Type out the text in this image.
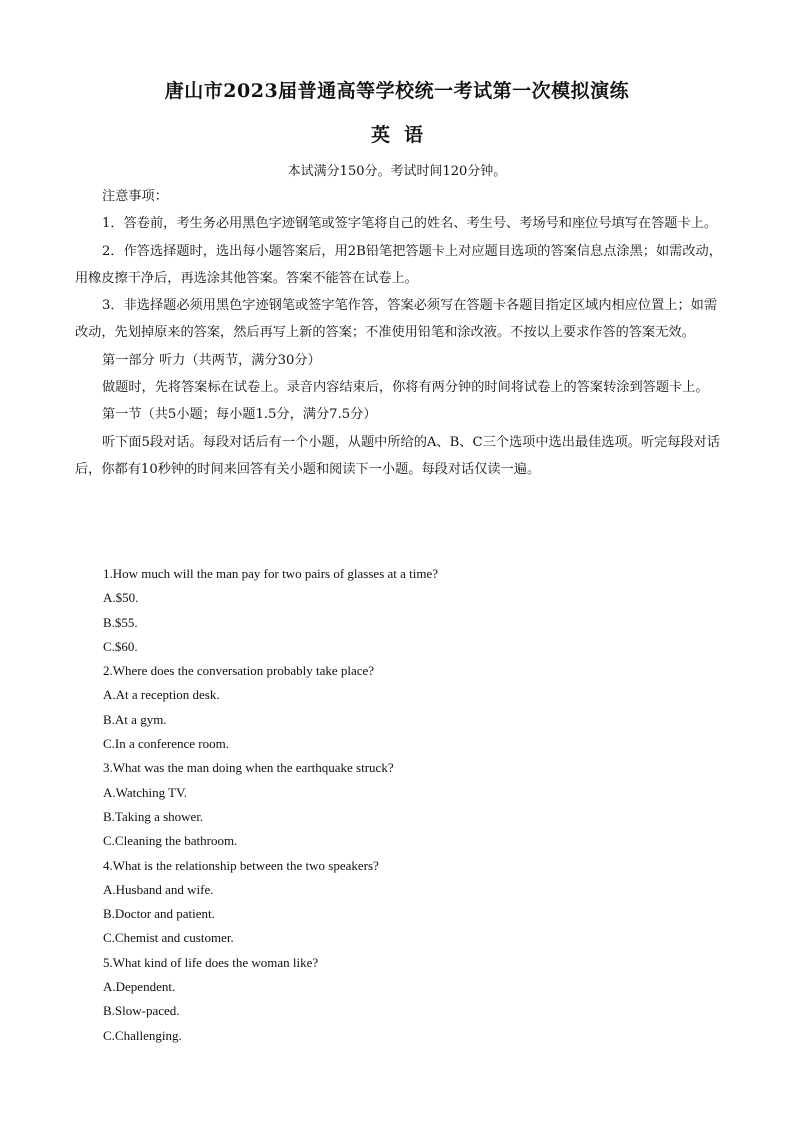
唐山市2023届普通高等学校统一考试第一次模拟演练
英语
本试满分150分。考试时间120分钟。

注意事项：

1．答卷前，考生务必用黑色字迹钢笔或签字笔将自己的姓名、考生号、考场号和座位号填写在答题卡上。

2．作答选择题时，选出每小题答案后，用2B铅笔把答题卡上对应题目选项的答案信息点涂黑；如需改动，用橡皮擦干净后，再选涂其他答案。答案不能答在试卷上。

3．非选择题必须用黑色字迹钢笔或签字笔作答，答案必须写在答题卡各题目指定区域内相应位置上；如需改动，先划掉原来的答案，然后再写上新的答案；不准使用铅笔和涂改液。不按以上要求作答的答案无效。

第一部分 听力（共两节，满分30分）

做题时，先将答案标在试卷上。录音内容结束后，你将有两分钟的时间将试卷上的答案转涂到答题卡上。

第一节（共5小题；每小题1.5分，满分7.5分）

听下面5段对话。每段对话后有一个小题，从题中所给的A、B、C三个选项中选出最佳选项。听完每段对话后，你都有10秒钟的时间来回答有关小题和阅读下一小题。每段对话仅读一遍。

1.How much will the man pay for two pairs of glasses at a time?

A.$50.

B.$55.

C.$60.

2.Where does the conversation probably take place?

A.At a reception desk.

B.At a gym.

C.In a conference room.

3.What was the man doing when the earthquake struck?

A.Watching TV.

B.Taking a shower.

C.Cleaning the bathroom.

4.What is the relationship between the two speakers?

A.Husband and wife.

B.Doctor and patient.

C.Chemist and customer.

5.What kind of life does the woman like?

A.Dependent.

B.Slow-paced.

C.Challenging.
